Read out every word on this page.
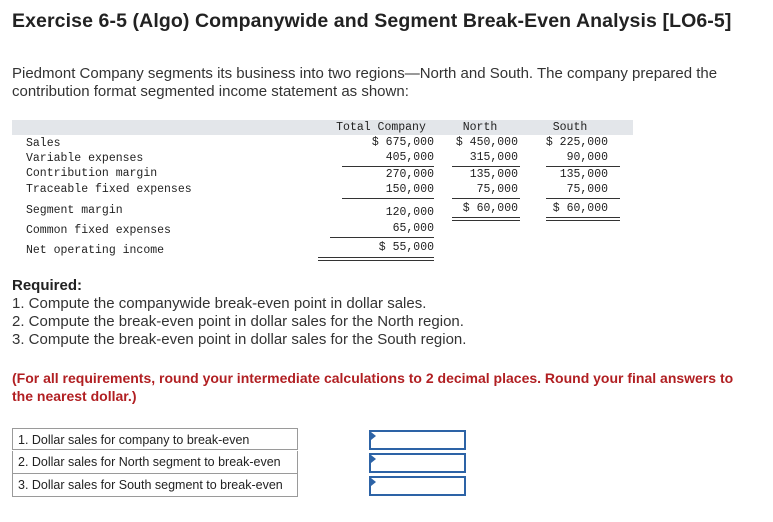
Exercise 6-5 (Algo) Companywide and Segment Break-Even Analysis [LO6-5]
Piedmont Company segments its business into two regions—North and South. The company prepared the contribution format segmented income statement as shown:
Total Company	North	South
Sales	$ 675,000	$ 450,000	$ 225,000
Variable expenses	405,000	315,000	90,000
Contribution margin	270,000	135,000	135,000
Traceable fixed expenses	150,000	75,000	75,000
Segment margin	120,000	$ 60,000	$ 60,000
Common fixed expenses	65,000
Net operating income	$ 55,000
Required:
1. Compute the companywide break-even point in dollar sales.
2. Compute the break-even point in dollar sales for the North region.
3. Compute the break-even point in dollar sales for the South region.
(For all requirements, round your intermediate calculations to 2 decimal places. Round your final answers to the nearest dollar.)
1. Dollar sales for company to break-even
2. Dollar sales for North segment to break-even
3. Dollar sales for South segment to break-even
